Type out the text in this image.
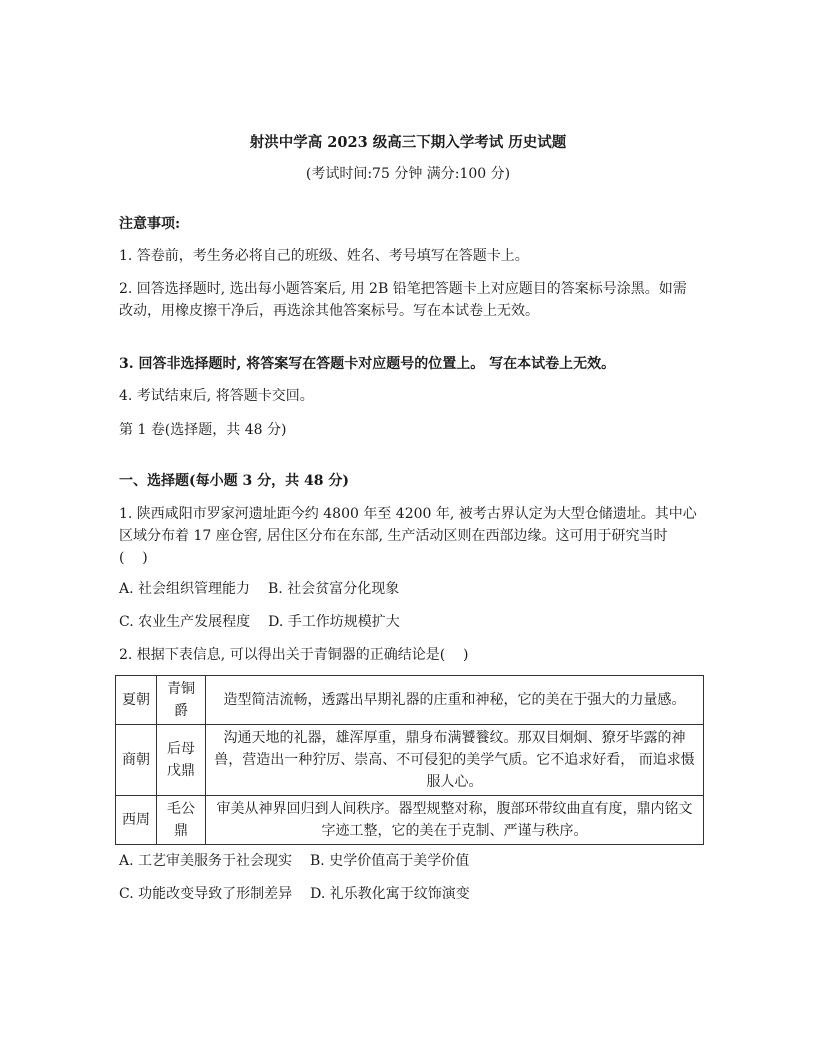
射洪中学高 2023 级高三下期入学考试 历史试题
(考试时间:75 分钟 满分:100 分)
注意事项:
1. 答卷前，考生务必将自己的班级、姓名、考号填写在答题卡上。
2. 回答选择题时, 选出每小题答案后, 用 2B 铅笔把答题卡上对应题目的答案标号涂黑。如需改动，用橡皮擦干净后，再选涂其他答案标号。写在本试卷上无效。
3. 回答非选择题时, 将答案写在答题卡对应题号的位置上。 写在本试卷上无效。
4. 考试结束后, 将答题卡交回。
第 1 卷(选择题，共 48 分)
一、选择题(每小题 3 分，共 48 分)
1. 陕西咸阳市罗家河遗址距今约 4800 年至 4200 年, 被考古界认定为大型仓储遗址。其中心区域分布着 17 座仓窖, 居住区分布在东部, 生产活动区则在西部边缘。这可用于研究当时 (    )
A. 社会组织管理能力 B. 社会贫富分化现象
C. 农业生产发展程度 D. 手工作坊规模扩大
2. 根据下表信息, 可以得出关于青铜器的正确结论是(    )
夏朝	青铜爵	造型简洁流畅，透露出早期礼器的庄重和神秘，它的美在于强大的力量感。
商朝	后母戊鼎	沟通天地的礼器，雄浑厚重，鼎身布满饕餮纹。那双目炯炯、獠牙毕露的神兽，营造出一种狞厉、崇高、不可侵犯的美学气质。它不追求好看， 而追求慑服人心。
西周	毛公鼎	审美从神界回归到人间秩序。器型规整对称，腹部环带纹曲直有度，鼎内铭文字迹工整，它的美在于克制、严谨与秩序。
A. 工艺审美服务于社会现实 B. 史学价值高于美学价值
C. 功能改变导致了形制差异 D. 礼乐教化寓于纹饰演变
